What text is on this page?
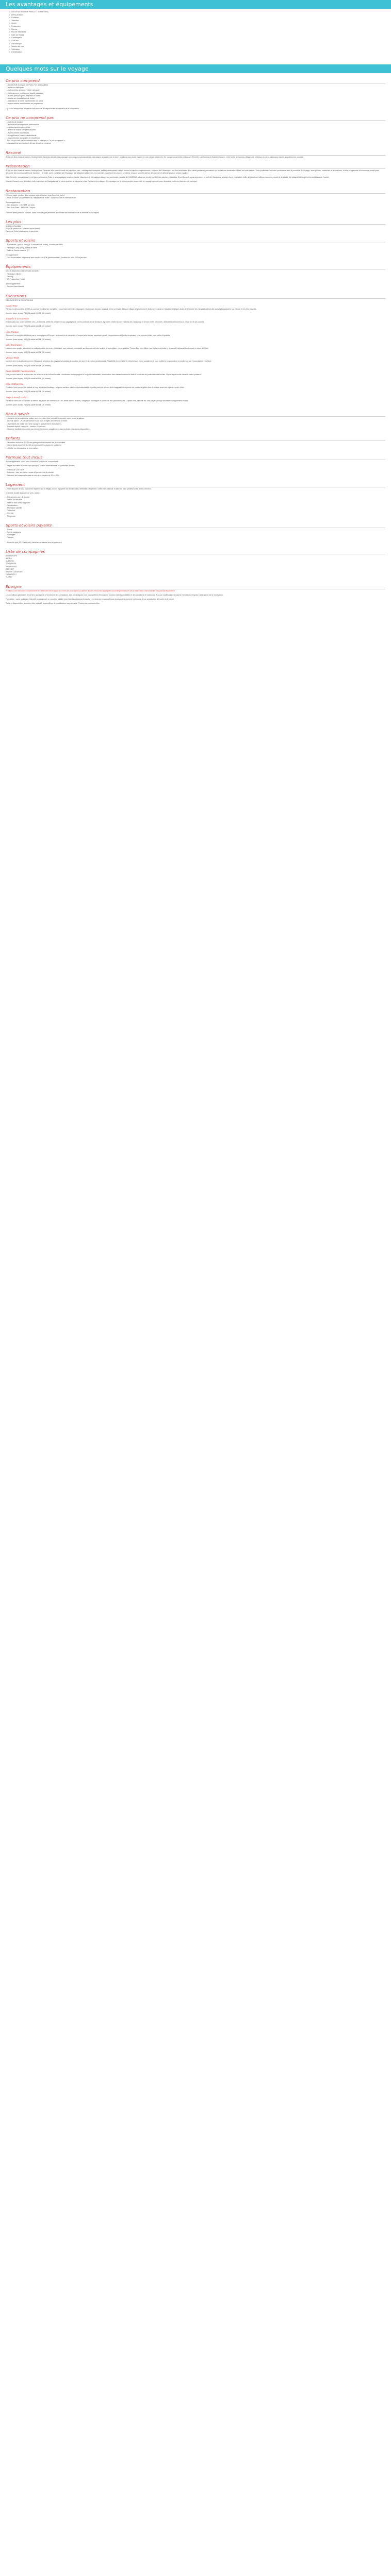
Les avantages et équipements
• Vol A/R au départ de Paris (+17 autres villes)
• Demi-pension
• Croisière
• Transfert
• Accès
• Restaurant
• Piscine
• Piscine extérieure
• Salle de fitness
• Conciergerie
• Club ado
• Discothèque
• Service de spa
• Télévision
• Climatisation
Quelques mots sur le voyage
Ce prix comprend
- Les vols A/R au départ de Paris (+17 autres villes)
- Les taxes d'aéroport
- Les transferts aéroport / hôtel / aéroport
- L'hébergement en chambre double standard
- La demi-pension (petit-déjeuner et dîner)
- L'accès aux installations de l'hôtel
- L'assistance de notre représentant sur place
- Les excursions mentionnées au programme

(1) Selon aéroport de départ et sous réserve de disponibilité au moment de la réservation.

Ce prix ne comprend pas
- Les frais de dossier
- Les boissons et dépenses personnelles
- Les assurances optionnelles
- La taxe de séjour à régler sur place
- Les excursions facultatives
- Le supplément chambre individuelle
- Les pourboires aux guides et chauffeurs
- Tout ce qui n'est pas mentionné dans la rubrique « Ce prix comprend »
- Les suppléments éventuels liés au départ de province
Résumé

À 300 km des côtes africaines, l'archipel des Canaries dévoile des paysages volcaniques spectaculaires, des plages de sable noir et doré, un climat doux toute l'année et une nature préservée. Ce voyage vous invite à découvrir Tenerife, La Gomera et Grande Canarie, entre forêts de lauriers, villages de pêcheurs et parcs nationaux inscrits au patrimoine mondial.

Présentation

À 300 km des côtes africaines, l'archipel des Canaries offre une diversité de paysages rare : montagnes escarpées, vallées verdoyantes, dunes dorées et falaises majestueuses. Au cœur de l'Atlantique, ces îles bénéficient d'un climat printanier permanent qui en fait une destination idéale en toute saison. Vous profiterez d'un hôtel confortable situé à proximité de la plage, avec piscine, restaurant et animations, et d'un programme d'excursions pensé pour découvrir les incontournables de l'archipel : le Teide, point culminant de l'Espagne, les villages traditionnels, les marchés colorés et les criques secrètes. Chaque journée alterne découverte et détente pour un séjour équilibré.

Côté Tenerife, vous découvrirez le parc national du Teide et ses paysages lunaires, la ville historique de La Laguna classée au patrimoine mondial de l'UNESCO, ainsi que la côte nord et ses piscines naturelles. À La Gomera, vous arpenterez la forêt de Garajonay, vestige d'une végétation vieille de plusieurs millions d'années, avant de rejoindre les villages blancs perchés au-dessus de l'océan.

Grande Canarie vous dévoilera enfin les dunes de Maspalomas, le vieux quartier de Vegueta à Las Palmas et les villages de montagne où le temps semble suspendu. Un voyage complet pour découvrir toutes les facettes de l'archipel.

Restauration
Chaque matin, profitez d'un copieux petit-déjeuner sous forme de buffet.
Le soir, le dîner vous est servi au restaurant de l'hôtel : cuisine locale et internationale.
Avec supplément :
- Bar, boissons : 10€ / 18€ par pers.
- Bar, Gold Pass : 35€ / 65€ / séjour.

Formule demi-pension à l'hôtel, tarifs indicatifs par personne. Possibilité de réservation de la formule tout compris.

Les plus
Ambiance familiale
Plage et piscine de l'hôtel en accès direct
Cadre de l'hôtel chaleureux et convivial
Sports et loisirs
- À proximité : golf 18 trous (à 15 minutes de l'hôtel), location de vélos
- Pétanque, ping-pong, tennis de table
- Salle de fitness ouverte 7j/7
En supplément :
- Prêt de serviettes de piscine avec caution de 10€ (remboursable), location de vélo 20€ la journée.
Équipements
Mise à disposition des services suivants :
- Réception 24h/24
- Parking
- Wi-Fi dans tout l'hôtel
Avec supplément :
- Service blanchisserie
Excursions

DÉCOUVERTE & EXCURSIONS

Grand Tour

Partez à la découverte de l'île au cours d'une journée complète : vous traverserez les paysages volcaniques du parc national, ferez une halte dans un village de pêcheurs et déjeunerez dans un restaurant typique avant de rejoindre les miradors offrant des vues spectaculaires sur l'océan et les îles voisines.

Journée (avec repas) 75€ (28 adulte et 45€ (26 enfant)

Journée à La Gomera

Embarquez pour une traversée vers La Gomera, petite île préservée aux paysages de ravins profonds et de terrasses agricoles. Visite du parc national de Garajonay et de ses forêts primaires, déjeuner traditionnel puis retour en fin de journée.

Journée (avec repas) 70€ (28 adulte et 40€ (26 enfant)

Loro Parque

Explorez l'un des plus célèbres parcs zoologiques d'Europe : spectacles de dauphins, d'orques et d'otaries, aquarium géant, pingouinarium et jardins tropicaux. Une journée idéale pour petits et grands.

Journée (sans repas) 55€ (28 adulte et 38€ (26 enfant)

Ville Espérance

Laissez-vous guider à travers les ruelles pavées du centre historique, ses maisons coloniales aux balcons de bois sculpté et ses églises remarquables. Temps libre pour flâner sur la place centrale et découvrir l'artisanat local avant le retour à l'hôtel.

Journée (avec repas) 60€ (28 adulte et 35€ (26 enfant)

Volcan Teide

Montée vers le plus haut sommet d'Espagne à travers des paysages lunaires de coulées de lave et de roches multicolores. Possibilité d'emprunter le téléphérique (avec supplément) pour profiter d'un panorama exceptionnel sur l'ensemble de l'archipel.

Journée (sans repas) 65€ (28 adulte et 40€ (26 enfant)

Ecoin Wildlife Fuerteventura

Une journée nature à la rencontre de la faune et de la flore locales : randonnée accompagnée d'un guide naturaliste, observation des oiseaux marins et visite d'un centre de protection des tortues. Pique-nique inclus dans un cadre préservé.

Journée (avec repas) 80€ (28 adulte et 50€ (26 enfant)

Côte Catharesse

Profitez d'une journée de balade le long de la côte sauvage : criques cachées, falaises spectaculaires et petits ports de pêche. Arrêt baignade et déjeuner de poissons grillés face à l'océan avant de rejoindre votre hôtel.

Journée (avec repas) 60€ (28 adulte et 35€ (26 enfant)

Jeep & Beach Safari

Partez en véhicule tout-terrain à travers les pistes de l'intérieur de l'île, entre vallées isolées, villages de montagne et points de vue panoramiques. L'après-midi, détente sur une plage sauvage accessible uniquement en 4x4.

Journée (avec repas) 78€ (28 adulte et 45€ (26 enfant)

Bon à savoir
- Les tarifs de la location de voiture sont donnés à titre indicatif et peuvent varier selon la saison.
- Taxe de séjour : 2€ par personne et par nuit, à régler directement à l'hôtel.
- Les enfants de moins de 2 ans voyagent gratuitement (hors taxes).
- Transfert depuis l'aéroport : environ 45 minutes.
- Chambre familiale disponible sur demande et avec supplément, dans la limite des stocks disponibles.
Enfants
- Réduction enfant de 2 à 11 ans partageant la chambre de deux adultes.
- Club enfants ouvert de 4 à 12 ans pendant les vacances scolaires.
- Lit bébé sur demande à la réservation.
Formule tout inclus

Avec supplément, optez pour la formule tout inclus, comprenant :

- Repas en buffet au restaurant principal, cuisine internationale et spécialités locales.

- Snacks de 11h à 17h
- Boissons : eau, vin, bière, sodas et jus de fruits à volonté
- Sélection de boissons locales au bar de la piscine de 10h à 23h
Logement

L'hôtel dispose de 242 chambres réparties sur 4 étages, toutes équipées de climatisation, télévision, téléphone, coffre-fort, mini-bar et salle de bain privative avec sèche-cheveux.

Chambre double standard (2 pers. max) :

- 2 lits simples ou 1 lit double
- Balcon ou terrasse
- Salle de bain avec baignoire
- Climatisation
- Télévision satellite
- Coffre-fort
- Mini-bar
- Téléphone
Sports et loisirs payants
- Tennis
- Sports nautiques
- Massages
- Plongée

- Accès au spa (10 € / séance), hammam et sauna avec supplément.

Liste de compagnies
AIR EUROPA
IBERIA
VUELING
TRANSAVIA
AIR FRANCE
EASYJET
BINTER CANARIAS
CANARYFLY
TUI FLY
Épargne

Profitez d'une réduction exceptionnelle en réservant votre séjour au moins 60 jours avant la date de départ. Réduction appliquée automatiquement lors de la réservation, dans la limite des places disponibles.

Les conditions générales de vente s'appliquent à l'ensemble des prestations. Les prix indiqués sont susceptibles d'évoluer en fonction des disponibilités et des variations de carburant. Aucune modification ne pourra être effectuée après confirmation de la réservation.

Formalités : carte nationale d'identité ou passeport en cours de validité pour les ressortissants français. Les mineurs voyageant sans leurs parents doivent être munis d'une autorisation de sortie du territoire.

Tarifs et disponibilités donnés à titre indicatif, susceptibles de modification sans préavis. Photos non contractuelles.
